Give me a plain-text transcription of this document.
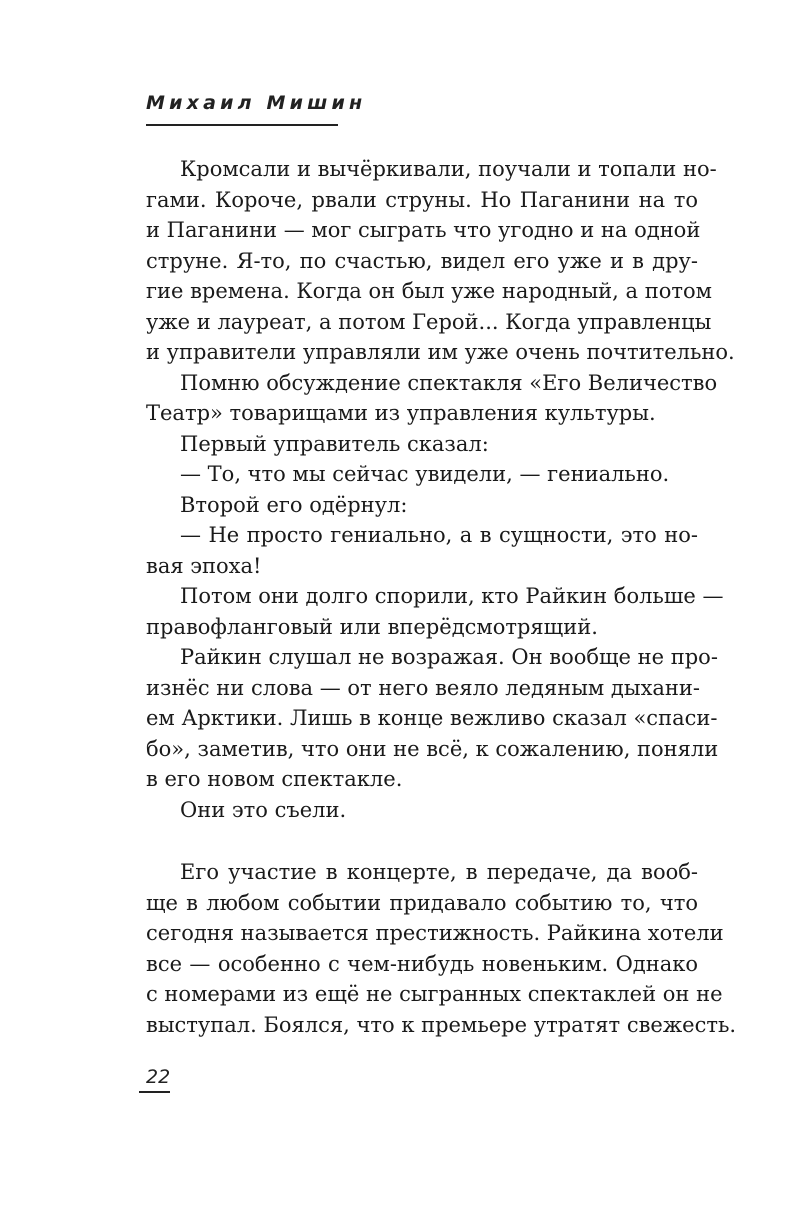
Михаил Мишин
Кромсали и вычёркивали, поучали и топали но-
гами. Короче, рвали струны. Но Паганини на то
и Паганини — мог сыграть что угодно и на одной
струне. Я-то, по счастью, видел его уже и в дру-
гие времена. Когда он был уже народный, а потом
уже и лауреат, а потом Герой... Когда управленцы
и управители управляли им уже очень почтительно.
Помню обсуждение спектакля «Его Величество
Театр» товарищами из управления культуры.
Первый управитель сказал:
— То, что мы сейчас увидели, — гениально.
Второй его одёрнул:
— Не просто гениально, а в сущности, это но-
вая эпоха!
Потом они долго спорили, кто Райкин больше —
правофланговый или вперёдсмотрящий.
Райкин слушал не возражая. Он вообще не про-
изнёс ни слова — от него веяло ледяным дыхани-
ем Арктики. Лишь в конце вежливо сказал «спаси-
бо», заметив, что они не всё, к сожалению, поняли
в его новом спектакле.
Они это съели.
Его участие в концерте, в передаче, да вооб-
ще в любом событии придавало событию то, что
сегодня называется престижность. Райкина хотели
все — особенно с чем-нибудь новеньким. Однако
с номерами из ещё не сыгранных спектаклей он не
выступал. Боялся, что к премьере утратят свежесть.
22
